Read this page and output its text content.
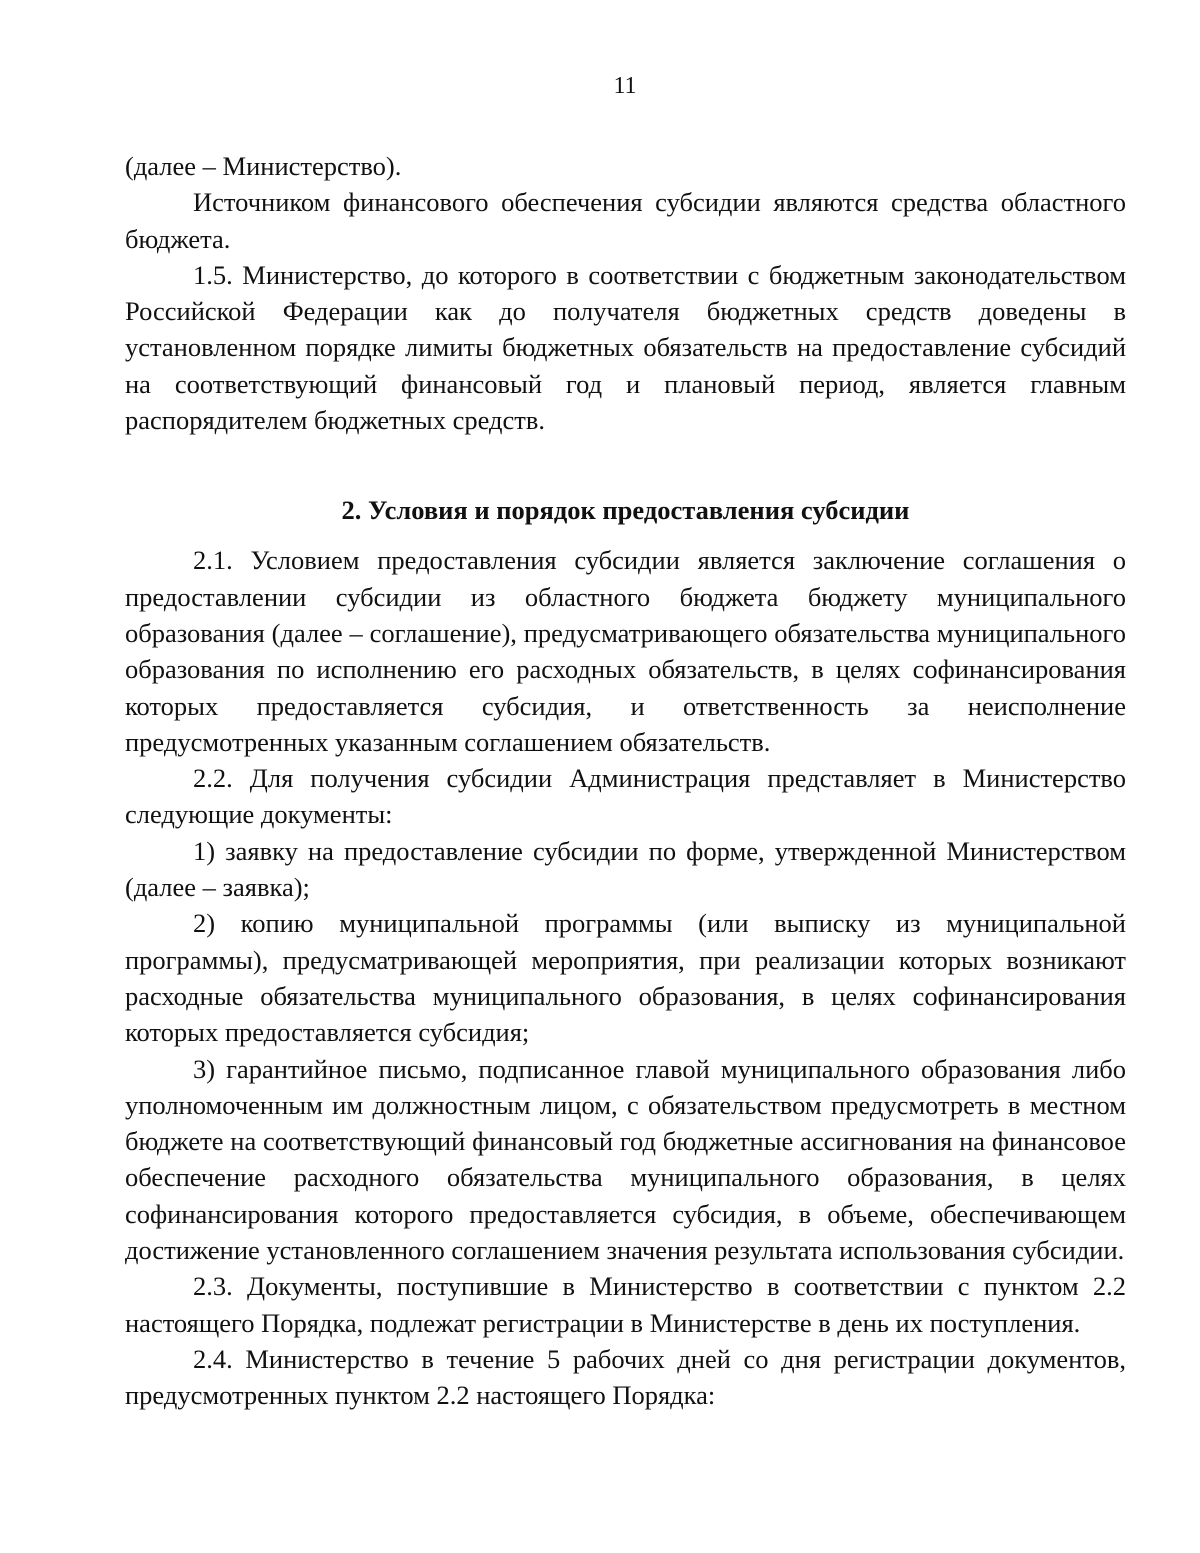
11

(далее – Министерство).

Источником финансового обеспечения субсидии являются средства областного бюджета.

1.5. Министерство, до которого в соответствии с бюджетным законодательством Российской Федерации как до получателя бюджетных средств доведены в установленном порядке лимиты бюджетных обязательств на предоставление субсидий на соответствующий финансовый год и плановый период, является главным распорядителем бюджетных средств.

2. Условия и порядок предоставления субсидии

2.1. Условием предоставления субсидии является заключение соглашения о предоставлении субсидии из областного бюджета бюджету муниципального образования (далее – соглашение), предусматривающего обязательства муниципального образования по исполнению его расходных обязательств, в целях софинансирования которых предоставляется субсидия, и ответственность за неисполнение предусмотренных указанным соглашением обязательств.

2.2. Для получения субсидии Администрация представляет в Министерство следующие документы:

1) заявку на предоставление субсидии по форме, утвержденной Министерством (далее – заявка);

2) копию муниципальной программы (или выписку из муниципальной программы), предусматривающей мероприятия, при реализации которых возникают расходные обязательства муниципального образования, в целях софинансирования которых предоставляется субсидия;

3) гарантийное письмо, подписанное главой муниципального образования либо уполномоченным им должностным лицом, с обязательством предусмотреть в местном бюджете на соответствующий финансовый год бюджетные ассигнования на финансовое обеспечение расходного обязательства муниципального образования, в целях софинансирования которого предоставляется субсидия, в объеме, обеспечивающем достижение установленного соглашением значения результата использования субсидии.

2.3. Документы, поступившие в Министерство в соответствии с пунктом 2.2 настоящего Порядка, подлежат регистрации в Министерстве в день их поступления.

2.4. Министерство в течение 5 рабочих дней со дня регистрации документов, предусмотренных пунктом 2.2 настоящего Порядка:
